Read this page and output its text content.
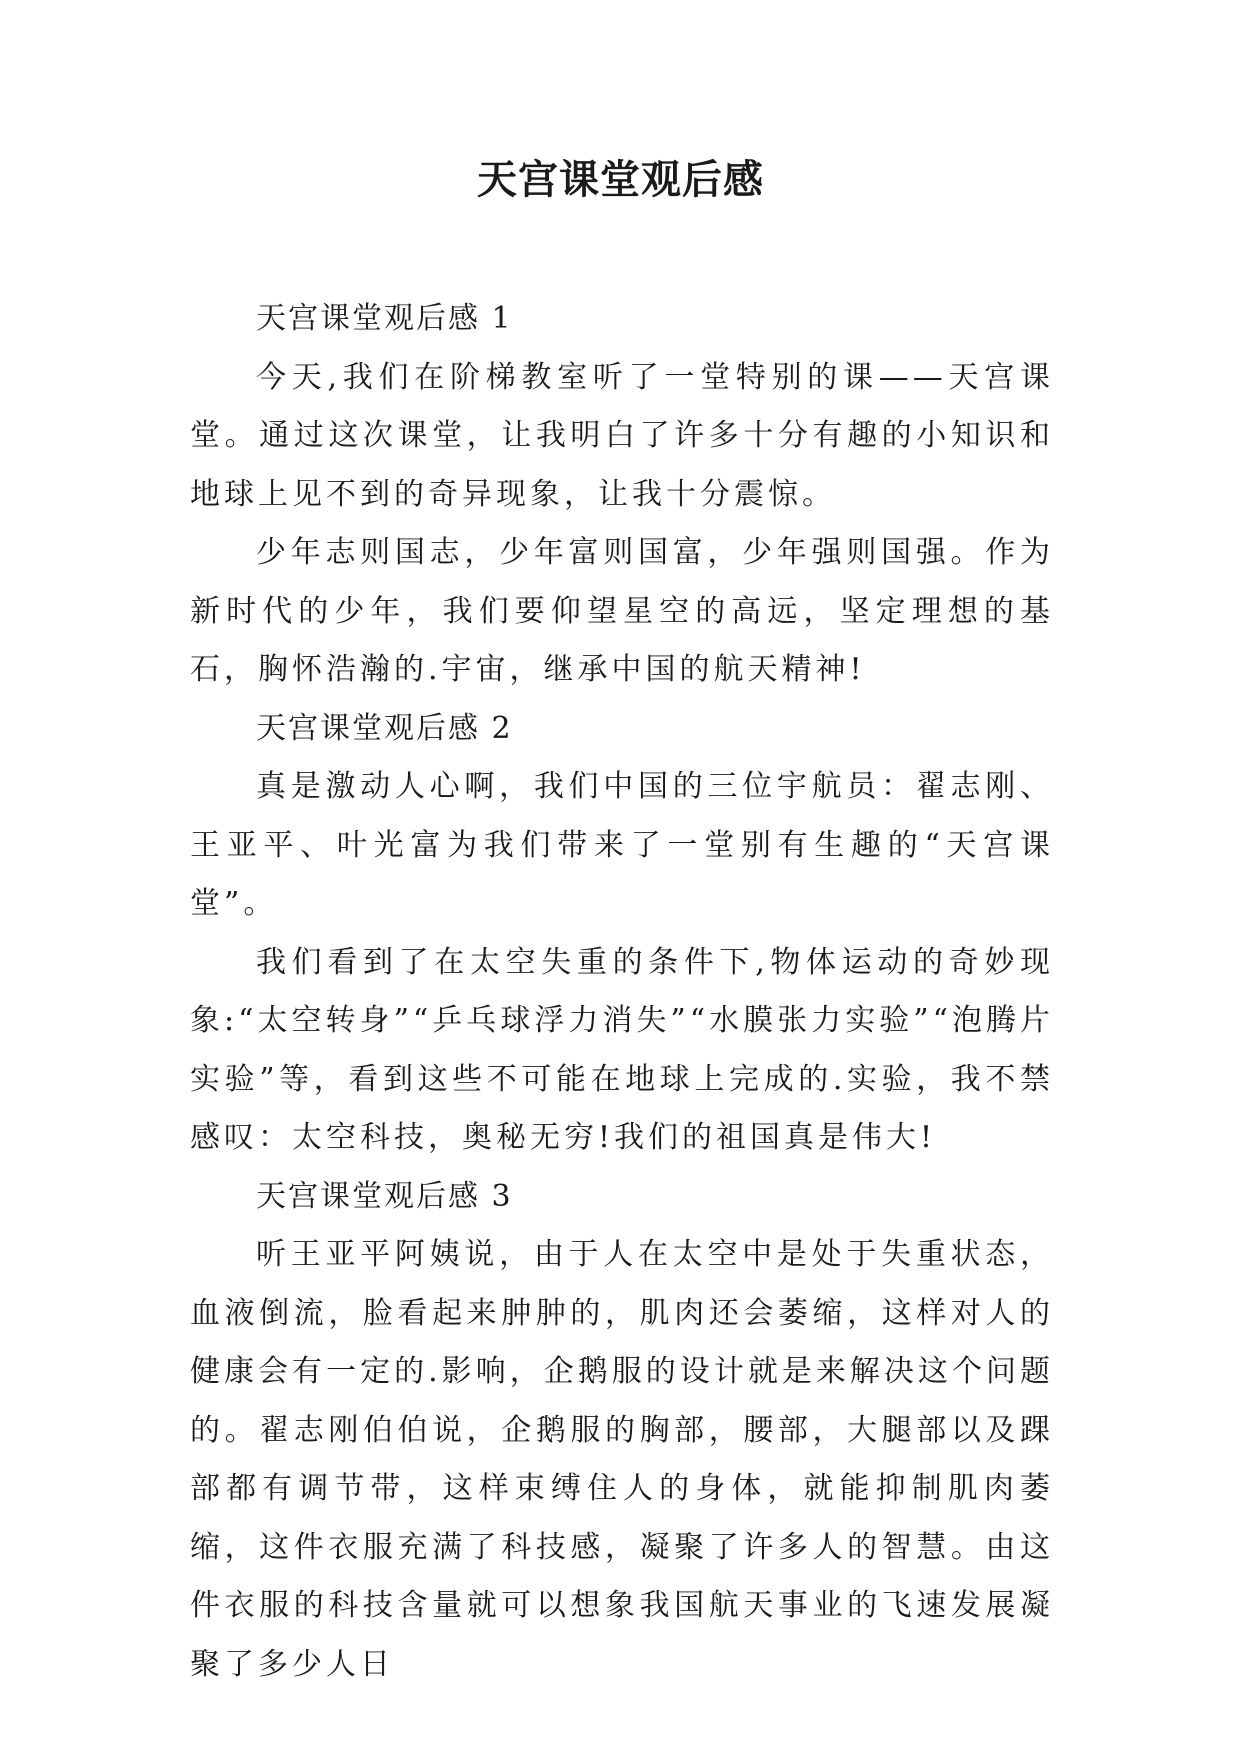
天宫课堂观后感

天宫课堂观后感 1

今天,我们在阶梯教室听了一堂特别的课——天宫课堂。通过这次课堂，让我明白了许多十分有趣的小知识和地球上见不到的奇异现象，让我十分震惊。

少年志则国志，少年富则国富，少年强则国强。作为新时代的少年，我们要仰望星空的高远，坚定理想的基石，胸怀浩瀚的.宇宙，继承中国的航天精神!

天宫课堂观后感 2

真是激动人心啊，我们中国的三位宇航员：翟志刚、王亚平、叶光富为我们带来了一堂别有生趣的“天宫课堂”。

我们看到了在太空失重的条件下,物体运动的奇妙现象:“太空转身”“乒乓球浮力消失”“水膜张力实验”“泡腾片实验”等，看到这些不可能在地球上完成的.实验，我不禁感叹：太空科技，奥秘无穷!我们的祖国真是伟大!

天宫课堂观后感 3

听王亚平阿姨说，由于人在太空中是处于失重状态，血液倒流，脸看起来肿肿的，肌肉还会萎缩，这样对人的健康会有一定的.影响，企鹅服的设计就是来解决这个问题的。翟志刚伯伯说，企鹅服的胸部，腰部，大腿部以及踝部都有调节带，这样束缚住人的身体，就能抑制肌肉萎缩，这件衣服充满了科技感，凝聚了许多人的智慧。由这件衣服的科技含量就可以想象我国航天事业的飞速发展凝聚了多少人日
